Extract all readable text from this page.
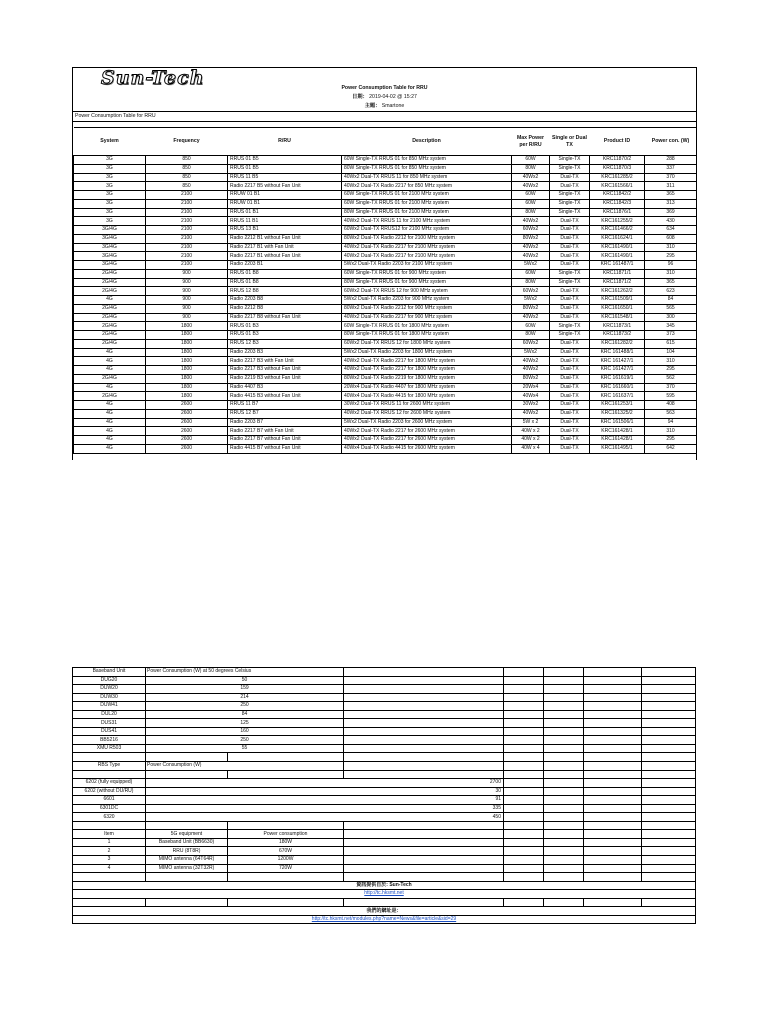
Sun-Tech	Power Consumption Table for RRU
日期： 2019-04-02 @ 15:27
主題： Smartone
Power Consumption Table for RRU
System	Frequency	R/RU	Description	Max Power per R/RU	Single or Dual TX	Product ID	Power con. (W)
3G	850	RRUS 01 B5	60W Single-TX RRUS 01 for 850 MHz system	60W	Single-TX	KRC11870/2	288
3G	850	RRUS 01 B5	80W Single-TX RRUS 01 for 850 MHz system	80W	Single-TX	KRC11870/3	337
3G	850	RRUS 11 B5	40Wx2 Dual-TX RRUS 11 for 850 MHz system	40Wx2	Dual-TX	KRC161285/2	370
3G	850	Radio 2217 B5 without Fan Unit	40Wx2 Dual-TX Radio 2217 for 850 MHz system	40Wx2	Dual-TX	KRC161566/1	311
3G	2100	RRUW 01 B1	60W Single-TX RRUS 01 for 2100 MHz system	60W	Single-TX	KRC11842/2	365
3G	2100	RRUW 01 B1	60W Single-TX RRUS 01 for 2100 MHz system	60W	Single-TX	KRC11842/3	313
3G	2100	RRUS 01 B1	80W Single-TX RRUS 01 for 2100 MHz system	80W	Single-TX	KRC11876/1	369
3G	2100	RRUS 11 B1	40Wx2 Dual-TX RRUS 11 for 2100 MHz system	40Wx2	Dual-TX	KRC161255/2	430
3G/4G	2100	RRUS 13 B1	60Wx2 Dual-TX RRUS12 for 2100 MHz system	60Wx2	Dual-TX	KRC161466/2	634
3G/4G	2100	Radio 2212 B1 without Fan Unit	80Wx2 Dual-TX Radio 2212 for 2100 MHz system	80Wx2	Dual-TX	KRC161624/1	608
3G/4G	2100	Radio 2217 B1 with Fan Unit	40Wx2 Dual-TX Radio 2217 for 2100 MHz system	40Wx2	Dual-TX	KRC161490/1	310
3G/4G	2100	Radio 2217 B1 without Fan Unit	40Wx2 Dual-TX Radio 2217 for 2100 MHz system	40Wx2	Dual-TX	KRC161490/1	295
3G/4G	2100	Radio 2203 B1	5Wx2 Dual-TX Radio 2203 for 2100 MHz system	5Wx2	Dual-TX	KRC 161487/1	96
2G/4G	900	RRUS 01 B8	60W Single-TX RRUS 01 for 900 MHz system	60W	Single-TX	KRC11871/1	310
2G/4G	900	RRUS 01 B8	80W Single-TX RRUS 01 for 900 MHz system	80W	Single-TX	KRC11871/2	365
2G/4G	900	RRUS 12 B8	60Wx2 Dual-TX RRUS 12 for 900 MHz system	60Wx2	Dual-TX	KRC161262/2	623
4G	900	Radio 2203 B8	5Wx2 Dual-TX Radio 2203 for 900 MHz system	5Wx2	Dual-TX	KRC161509/1	84
2G/4G	900	Radio 2212 B8	80Wx2 Dual-TX Radio 2212 for 900 MHz system	80Wx2	Dual-TX	KRC161650/1	565
2G/4G	900	Radio 2217 B8 without Fan Unit	40Wx2 Dual-TX Radio 2217 for 900 MHz system	40Wx2	Dual-TX	KRC161548/1	300
2G/4G	1800	RRUS 01 B3	60W Single-TX RRUS 01 for 1800 MHz system	60W	Single-TX	KRC11873/1	345
2G/4G	1800	RRUS 01 B3	80W Single-TX RRUS 01 for 1800 MHz system	80W	Single-TX	KRC11873/2	373
2G/4G	1800	RRUS 12 B3	60Wx2 Dual-TX RRUS 12 for 1800 MHz system	60Wx2	Dual-TX	KRC161282/2	615
4G	1800	Radio 2203 B3	5Wx2 Dual-TX Radio 2203 for 1800 MHz system	5Wx2	Dual-TX	KRC 161488/1	104
4G	1800	Radio 2217 B3 with Fan Unit	40Wx2 Dual-TX Radio 2217 for 1800 MHz system	40Wx2	Dual-TX	KRC 161427/1	310
4G	1800	Radio 2217 B3 without Fan Unit	40Wx2 Dual-TX Radio 2217 for 1800 MHz system	40Wx2	Dual-TX	KRC 161427/1	295
2G/4G	1800	Radio 2219 B3 without Fan Unit	80Wx2 Dual-TX Radio 2219 for 1800 MHz system	80Wx2	Dual-TX	KRC 161619/1	562
4G	1800	Radio 4407 B3	20Wx4 Dual-TX Radio 4407 for 1800 MHz system	20Wx4	Dual-TX	KRC 161660/1	370
2G/4G	1800	Radio 4415 B3 without Fan Unit	40Wx4 Dual-TX Radio 4415 for 1800 MHz system	40Wx4	Dual-TX	KRC 161637/1	595
4G	2600	RRUS 11 B7	30Wx2 Dual-TX RRUS 11 for 2600 MHz system	30Wx2	Dual-TX	KRC161253/1	408
4G	2600	RRUS 12 B7	40Wx2 Dual-TX RRUS 12 for 2600 MHz system	40Wx2	Dual-TX	KRC161325/2	563
4G	2600	Radio 2203 B7	5Wx2 Dual-TX Radio 2203 for 2600 MHz system	5W x 2	Dual-TX	KRC 161506/1	94
4G	2600	Radio 2217 B7 with Fan Unit	40Wx2 Dual-TX Radio 2217 for 2600 MHz system	40W x 2	Dual-TX	KRC161428/1	310
4G	2600	Radio 2217 B7 without Fan Unit	40Wx2 Dual-TX Radio 2217 for 2600 MHz system	40W x 2	Dual-TX	KRC161428/1	295
4G	2600	Radio 4415 B7 without Fan Unit	40Wx4 Dual-TX Radio 4415 for 2600 MHz system	40W x 4	Dual-TX	KRC161495/1	642
Baseband Unit	Power Consumption (W) at 50 degrees Celsius						
DUG20	50						
DUW20	159						
DUW30	214						
DUW41	250						
DUL20	84						
DUS31	125						
DUS41	160						
BB5216	250						
XMU R503	55						

RBS Type	Power Consumption (W)						

6202 (fully equipped)	2700						
6202 (without DU/RU)	30						
6601	91						
6301DC	335						
6320	450						

Item	5G equipment	Power consumption					
1	Baseband Unit (BB6630)	180W					
2	RRU (8T8R)	670W					
3	MIMO antenna (64T64R)	1200W					
4	MIMO antenna (32T32R)	720W					

資訊提供自於: Sun-Tech							
http://tc.hksmt.net							

我們的網址是：							
http://tc.hksmt.net/modules.php?name=News&file=article&sid=29							
